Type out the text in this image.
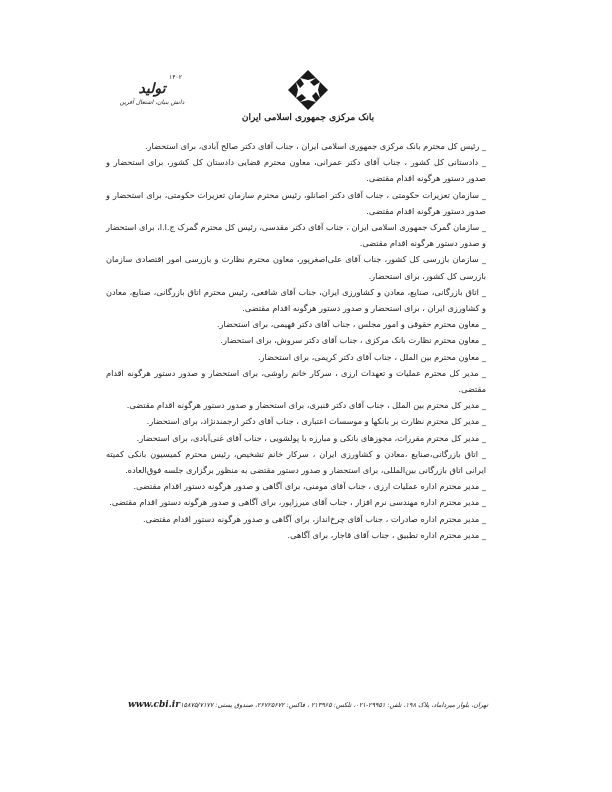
بانک مرکزی جمهوری اسلامی ایران
۱۴۰۲
تولید
دانش بنیان، اشتغال آفرین

_ رئیس کل محترم بانک مرکزی جمهوری اسلامی ایران ، جناب آقای دکتر صالح آبادی، برای استحضار.

_ دادستانی کل کشور ، جناب آقای دکتر عمرانی، معاون محترم قضایی دادستان کل کشور، برای استحضار و صدور دستور هرگونه اقدام مقتضی.

_ سازمان تعزیرات حکومتی ، جناب آقای دکتر اصانلو، رئیس محترم سازمان تعزیرات حکومتی، برای استحضار و صدور دستور هرگونه اقدام مقتضی.

_ سازمان گمرک جمهوری اسلامی ایران ، جناب آقای دکتر مقدسی، رئیس کل محترم گمرک ج.ا.ا، برای استحضار و صدور دستور هرگونه اقدام مقتضی.

_ سازمان بازرسی کل کشور، جناب آقای علی‌اصغرپور، معاون محترم نظارت و بازرسی امور اقتصادی سازمان بازرسی کل کشور، برای استحضار.

_ اتاق بازرگانی، صنایع، معادن و کشاورزی ایران، جناب آقای شافعی، رئیس محترم اتاق بازرگانی، صنایع، معادن و کشاورزی ایران ، برای استحضار و صدور دستور هرگونه اقدام مقتضی.

_ معاون محترم حقوقی و امور مجلس ، جناب آقای دکتر فهیمی، برای استحضار.

_ معاون محترم نظارت بانک مرکزی ، جناب آقای دکتر سروش، برای استحضار.

_ معاون محترم بین الملل ، جناب آقای دکتر کریمی، برای استحضار.

_ مدیر کل محترم عملیات و تعهدات ارزی ، سرکار خانم راوشی، برای استحضار و صدور دستور هرگونه اقدام مقتضی.

_ مدیر کل محترم بین الملل ، جناب آقای دکتر قنبری، برای استحضار و صدور دستور هرگونه اقدام مقتضی.

_ مدیر کل محترم نظارت بر بانکها و موسسات اعتباری ، جناب آقای دکتر ارجمندنژاد، برای استحضار.

_ مدیر کل محترم مقررات، مجوزهای بانکی و مبارزه با پولشویی ، جناب آقای غنی‌آبادی، برای استحضار.

_ اتاق بازرگانی،صنایع ،معادن و کشاورزی ایران ، سرکار خانم تشخیص، رئیس محترم کمیسیون بانکی کمیته ایرانی اتاق بازرگانی بین‌المللی، برای استحضار و صدور دستور مقتضی به منظور برگزاری جلسه فوق‌العاده.

_ مدیر محترم اداره عملیات ارزی ، جناب آقای مومنی، برای آگاهی و صدور هرگونه دستور اقدام مقتضی.

_ مدیر محترم اداره مهندسی نرم افزار ، جناب آقای میرزاپور، برای آگاهی و صدور هرگونه دستور اقدام مقتضی.

_ مدیر محترم اداره صادرات ، جناب آقای چرخ‌انداز، برای آگاهی و صدور هرگونه دستور اقدام مقتضی.

_ مدیر محترم اداره تطبیق ، جناب آقای قاجار، برای آگاهی.

www.cbi.ir تهران، بلوار میرداماد، پلاک ۱۹۸، تلفن: ۲۹۹۵۱-۰۲۱، تلکس: ۲۱۳۹۶۵ ، فاکس: ۲۶۷۲۵۶۷۲، صندوق پستی: ۱۵۸۷۵/۷۱۷۷
